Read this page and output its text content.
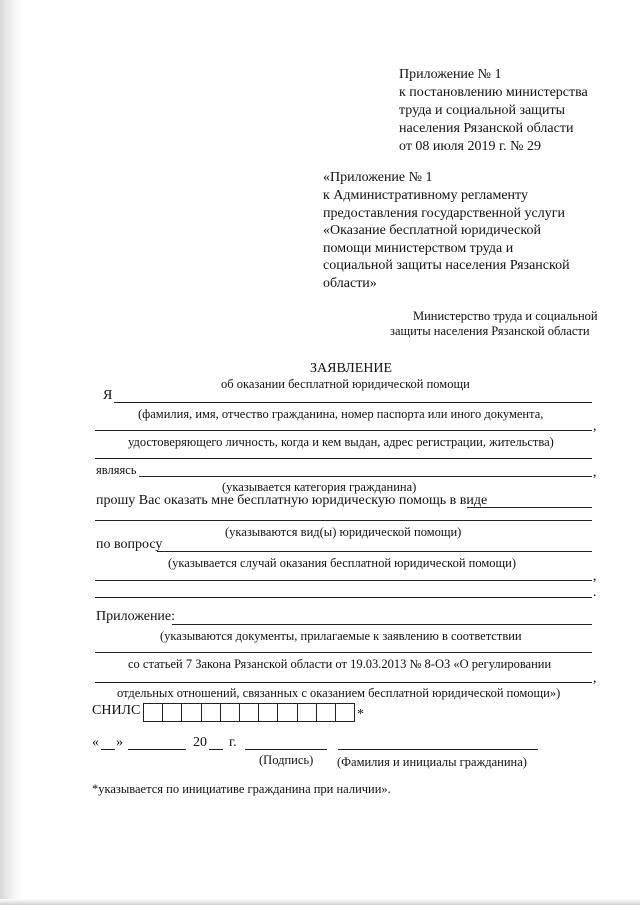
Приложение № 1
к постановлению министерства
труда и социальной защиты
населения Рязанской области
от 08 июля 2019 г. № 29
«Приложение № 1
к Административному регламенту
предоставления государственной услуги
«Оказание бесплатной юридической
помощи министерством труда и
социальной защиты населения Рязанской
области»
Министерство труда и социальной
защиты населения Рязанской области
ЗАЯВЛЕНИЕ
об оказании бесплатной юридической помощи
Я
(фамилия, имя, отчество гражданина, номер паспорта или иного документа,
,
удостоверяющего личность, когда и кем выдан, адрес регистрации, жительства)
являясь	,
(указывается категория гражданина)
прошу Вас оказать мне бесплатную юридическую помощь в виде
(указываются вид(ы) юридической помощи)
по вопросу
(указывается случай оказания бесплатной юридической помощи)
,
.
Приложение:
(указываются документы, прилагаемые к заявлению в соответствии
со статьей 7 Закона Рязанской области от 19.03.2013 № 8-ОЗ «О регулировании
,
отдельных отношений, связанных с оказанием бесплатной юридической помощи»)
СНИЛС	*
« »	20 г.
(Подпись) (Фамилия и инициалы гражданина)
*указывается по инициативе гражданина при наличии».
